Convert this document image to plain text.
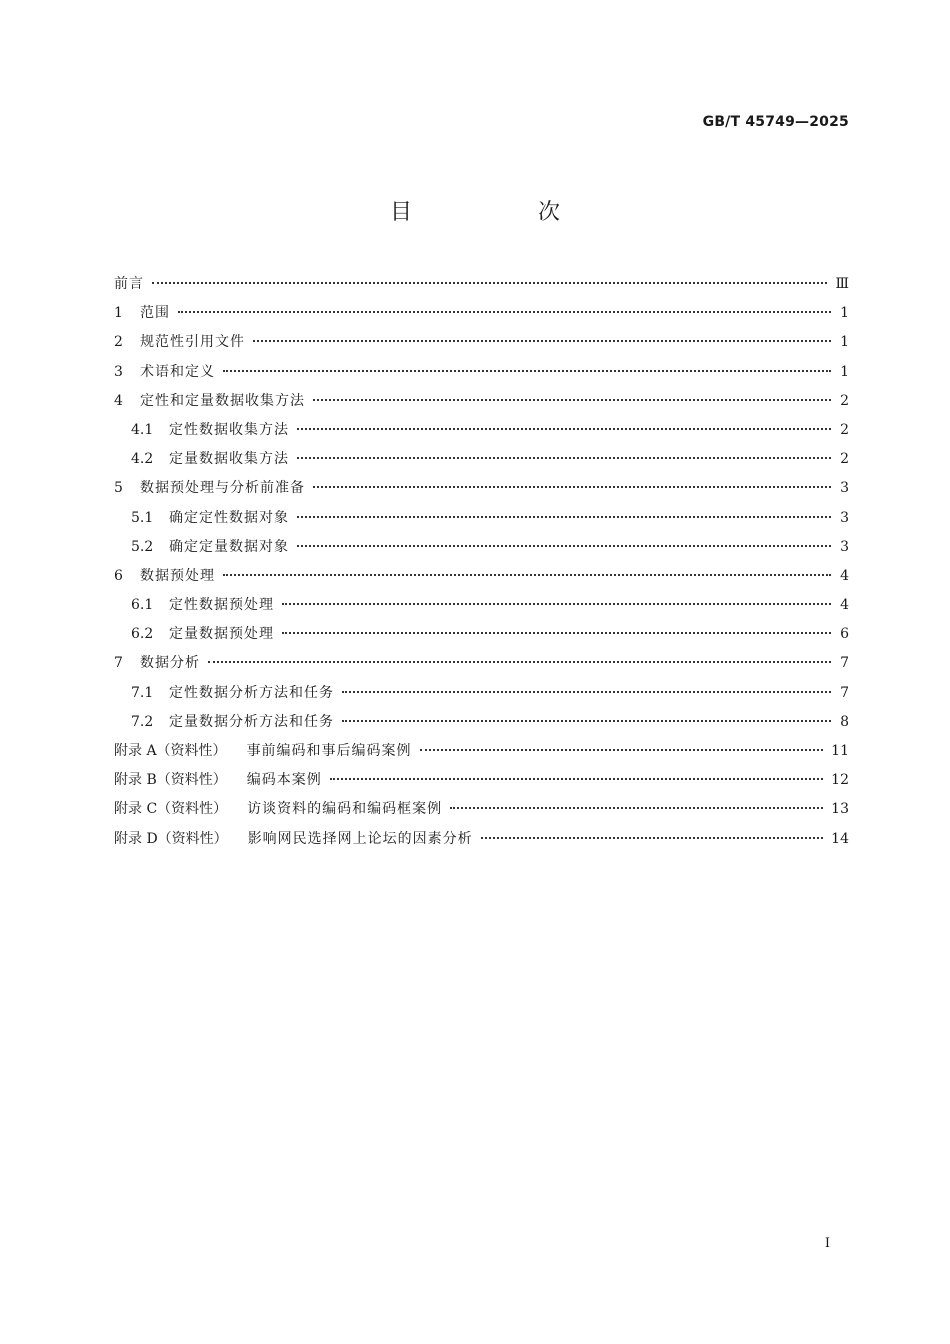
GB/T 45749—2025
目　次
前言	Ⅲ
1	范围	1
2	规范性引用文件	1
3	术语和定义	1
4	定性和定量数据收集方法	2
4.1	定性数据收集方法	2
4.2	定量数据收集方法	2
5	数据预处理与分析前准备	3
5.1	确定定性数据对象	3
5.2	确定定量数据对象	3
6	数据预处理	4
6.1	定性数据预处理	4
6.2	定量数据预处理	6
7	数据分析	7
7.1	定性数据分析方法和任务	7
7.2	定量数据分析方法和任务	8
附录 A（资料性） 事前编码和事后编码案例	11
附录 B（资料性） 编码本案例	12
附录 C（资料性） 访谈资料的编码和编码框案例	13
附录 D（资料性） 影响网民选择网上论坛的因素分析	14
I
